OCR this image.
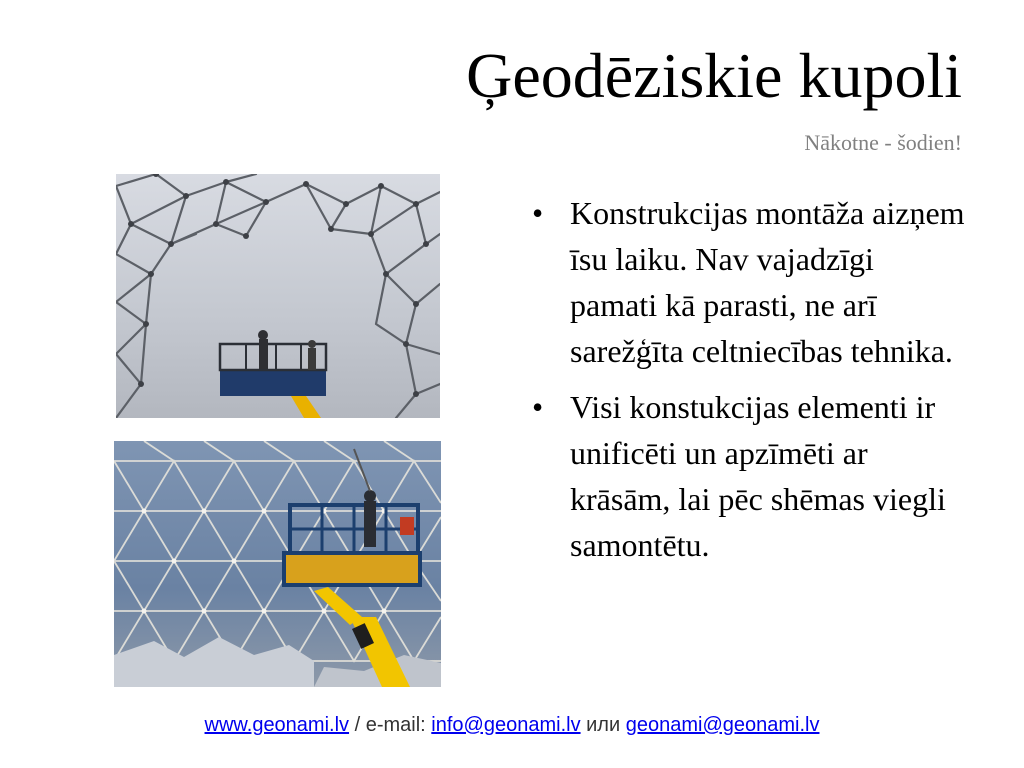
Ģeodēziskie kupoli
Nākotne - šodien!
• Konstrukcijas montāža aizņem īsu laiku. Nav vajadzīgi pamati kā parasti, ne arī sarežģīta celtniecības tehnika.
• Visi konstukcijas elementi ir unificēti un apzīmēti ar krāsām, lai pēc shēmas viegli samontētu.
www.geonami.lv / e-mail: info@geonami.lv или geonami@geonami.lv
